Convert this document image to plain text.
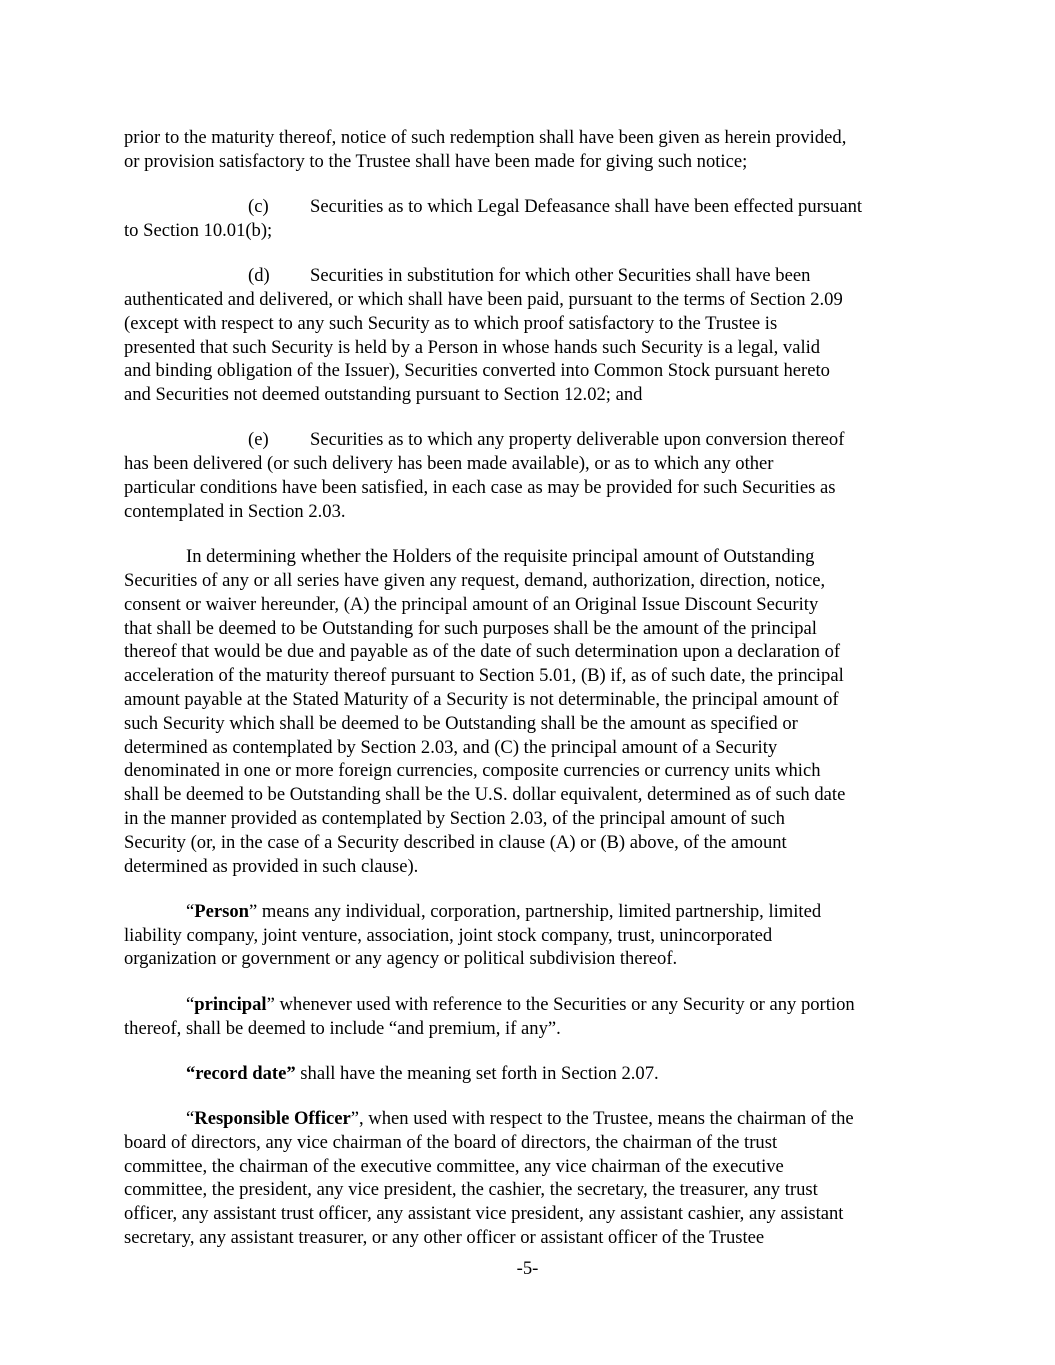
prior to the maturity thereof, notice of such redemption shall have been given as herein provided,
or provision satisfactory to the Trustee shall have been made for giving such notice;

(c) Securities as to which Legal Defeasance shall have been effected pursuant
to Section 10.01(b);

(d) Securities in substitution for which other Securities shall have been
authenticated and delivered, or which shall have been paid, pursuant to the terms of Section 2.09
(except with respect to any such Security as to which proof satisfactory to the Trustee is
presented that such Security is held by a Person in whose hands such Security is a legal, valid
and binding obligation of the Issuer), Securities converted into Common Stock pursuant hereto
and Securities not deemed outstanding pursuant to Section 12.02; and

(e) Securities as to which any property deliverable upon conversion thereof
has been delivered (or such delivery has been made available), or as to which any other
particular conditions have been satisfied, in each case as may be provided for such Securities as
contemplated in Section 2.03.

In determining whether the Holders of the requisite principal amount of Outstanding
Securities of any or all series have given any request, demand, authorization, direction, notice,
consent or waiver hereunder, (A) the principal amount of an Original Issue Discount Security
that shall be deemed to be Outstanding for such purposes shall be the amount of the principal
thereof that would be due and payable as of the date of such determination upon a declaration of
acceleration of the maturity thereof pursuant to Section 5.01, (B) if, as of such date, the principal
amount payable at the Stated Maturity of a Security is not determinable, the principal amount of
such Security which shall be deemed to be Outstanding shall be the amount as specified or
determined as contemplated by Section 2.03, and (C) the principal amount of a Security
denominated in one or more foreign currencies, composite currencies or currency units which
shall be deemed to be Outstanding shall be the U.S. dollar equivalent, determined as of such date
in the manner provided as contemplated by Section 2.03, of the principal amount of such
Security (or, in the case of a Security described in clause (A) or (B) above, of the amount
determined as provided in such clause).

“Person” means any individual, corporation, partnership, limited partnership, limited
liability company, joint venture, association, joint stock company, trust, unincorporated
organization or government or any agency or political subdivision thereof.

“principal” whenever used with reference to the Securities or any Security or any portion
thereof, shall be deemed to include “and premium, if any”.

“record date” shall have the meaning set forth in Section 2.07.

“Responsible Officer”, when used with respect to the Trustee, means the chairman of the
board of directors, any vice chairman of the board of directors, the chairman of the trust
committee, the chairman of the executive committee, any vice chairman of the executive
committee, the president, any vice president, the cashier, the secretary, the treasurer, any trust
officer, any assistant trust officer, any assistant vice president, any assistant cashier, any assistant
secretary, any assistant treasurer, or any other officer or assistant officer of the Trustee

-5-
